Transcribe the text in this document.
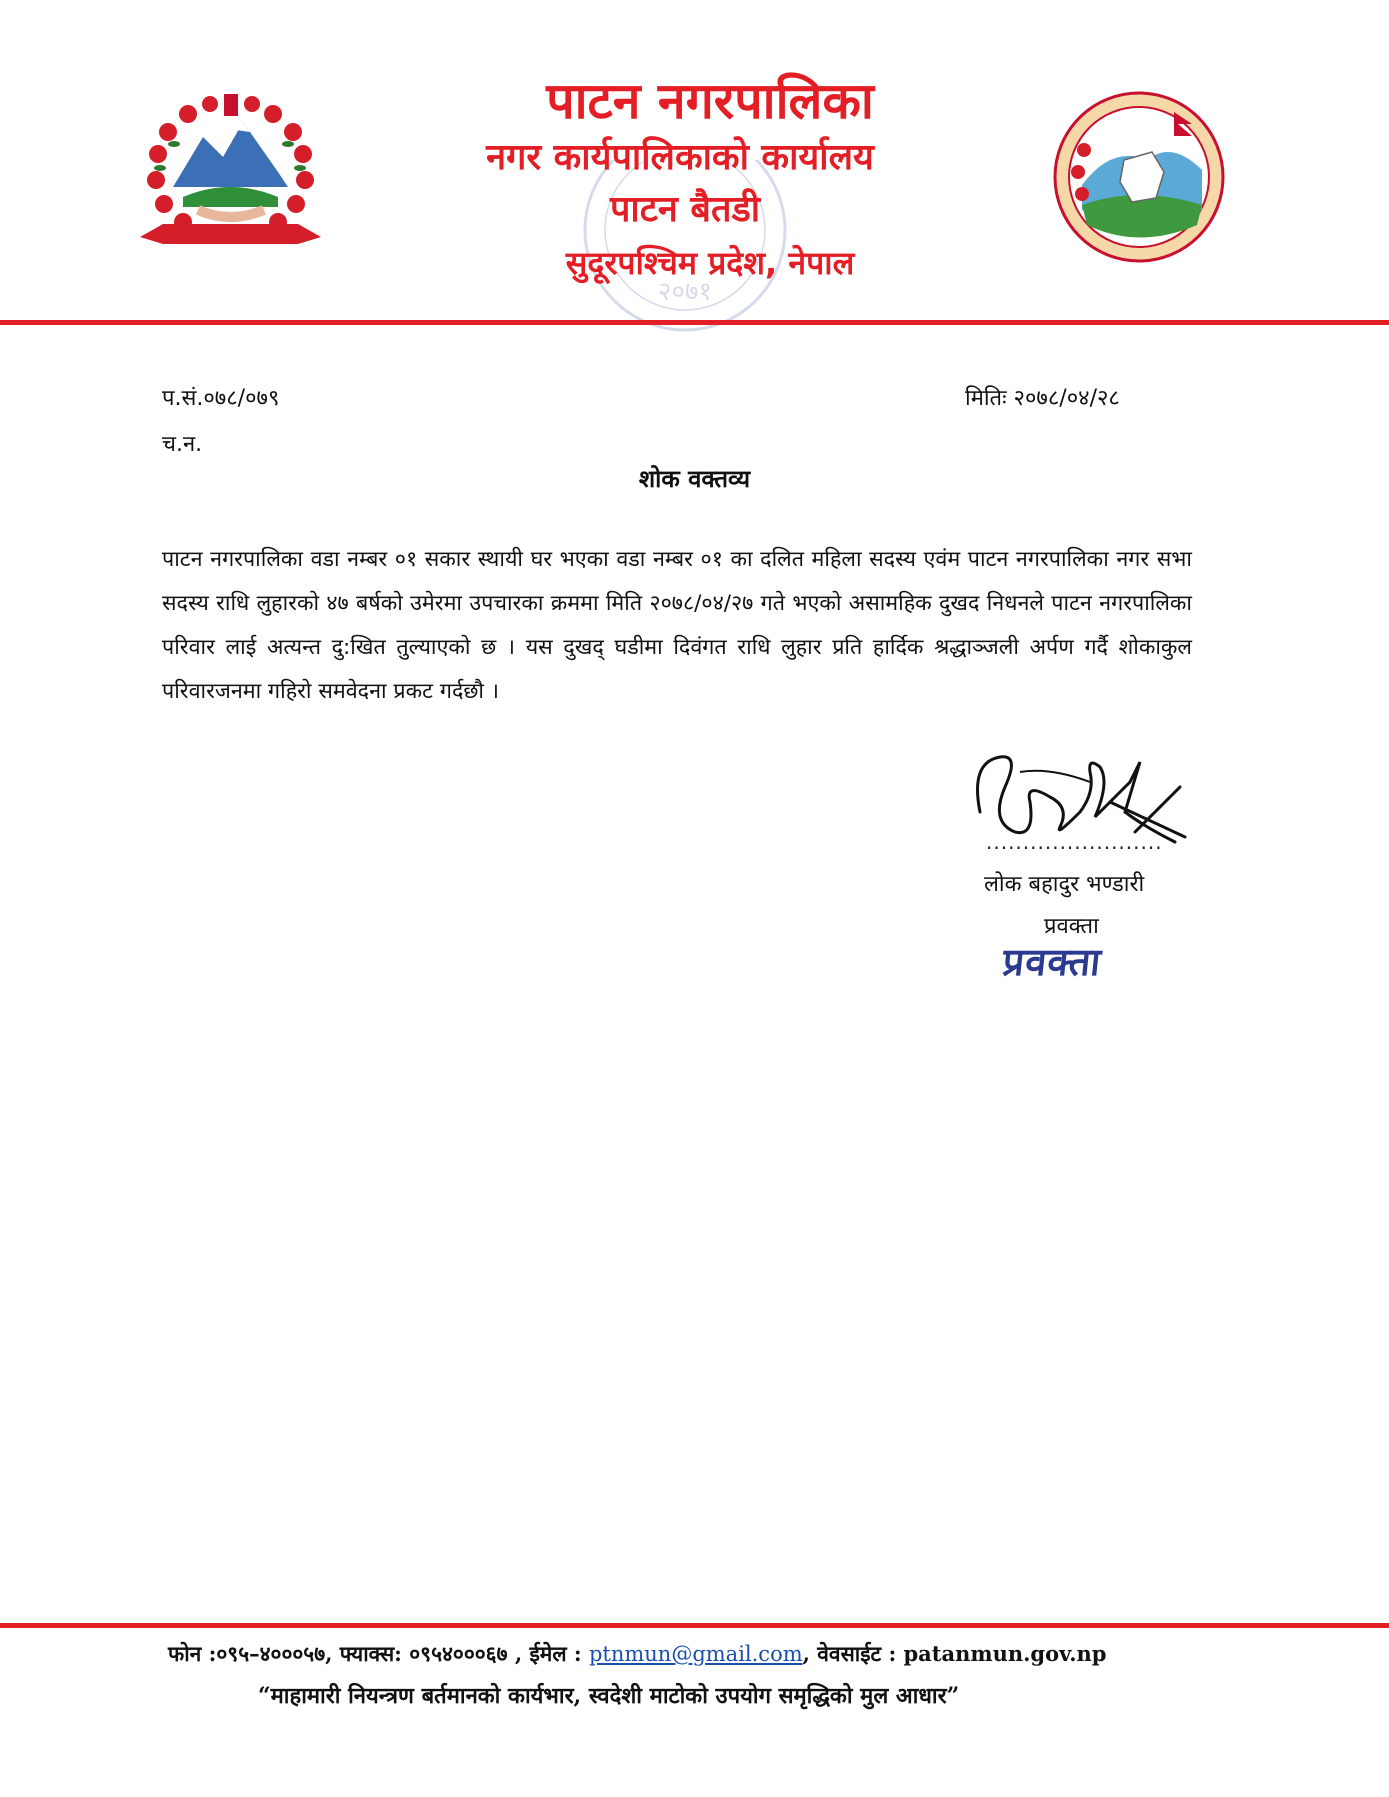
२०७१
पाटन नगरपालिका
नगर कार्यपालिकाको कार्यालय
पाटन बैतडी
सुदूरपश्चिम प्रदेश, नेपाल
प.सं.०७८/०७९
च.न.
मितिः २०७८/०४/२८
शोक वक्तव्य
पाटन नगरपालिका वडा नम्बर ०१ सकार स्थायी घर भएका वडा नम्बर ०१ का दलित महिला सदस्य एवंम पाटन नगरपालिका नगर सभा सदस्य राधि लुहारको ४७ बर्षको उमेरमा उपचारका क्रममा मिति २०७८/०४/२७ गते भएको असामहिक दुखद निधनले पाटन नगरपालिका परिवार लाई अत्यन्त दु:खित तुल्याएको छ । यस दुखद् घडीमा दिवंगत राधि लुहार प्रति हार्दिक श्रद्धाञ्जली अर्पण गर्दै शोकाकुल परिवारजनमा गहिरो समवेदना प्रकट गर्दछौ ।
........................
लोक बहादुर भण्डारी
प्रवक्ता
प्रवक्ता
फोन :०९५–४०००५७, फ्याक्स: ०९५४०००६७ , ईमेल : ptnmun@gmail.com, वेवसाईट : patanmun.gov.np
“माहामारी नियन्त्रण बर्तमानको कार्यभार, स्वदेशी माटोको उपयोग समृद्धिको मुल आधार”
